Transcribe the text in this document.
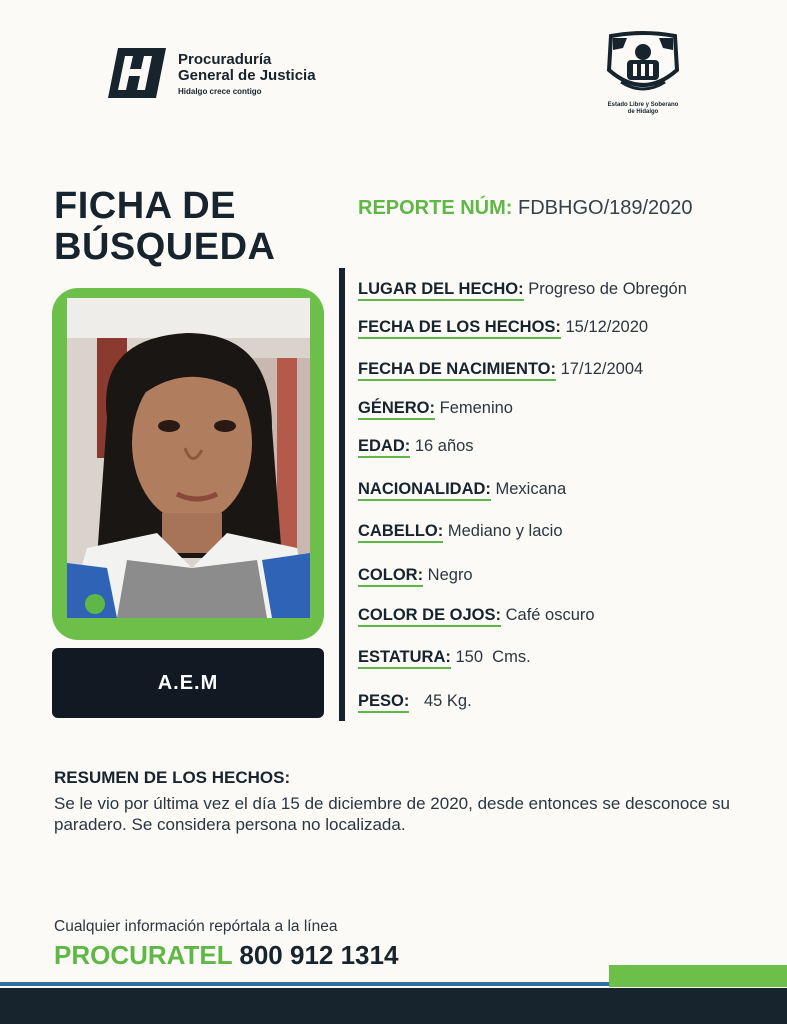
Procuraduría
General de Justicia
Hidalgo crece contigo
Estado Libre y Soberano
de Hidalgo
FICHA DE
BÚSQUEDA
REPORTE NÚM: FDBHGO/189/2020
A.E.M
LUGAR DEL HECHO: Progreso de Obregón
FECHA DE LOS HECHOS: 15/12/2020
FECHA DE NACIMIENTO: 17/12/2004
GÉNERO: Femenino
EDAD: 16 años
NACIONALIDAD: Mexicana
CABELLO: Mediano y lacio
COLOR: Negro
COLOR DE OJOS: Café oscuro
ESTATURA: 150  Cms.
PESO: 45 Kg.
RESUMEN DE LOS HECHOS:
Se le vio por última vez el día 15 de diciembre de 2020, desde entonces se desconoce su paradero. Se considera persona no localizada.
Cualquier información repórtala a la línea
PROCURATEL 800 912 1314
